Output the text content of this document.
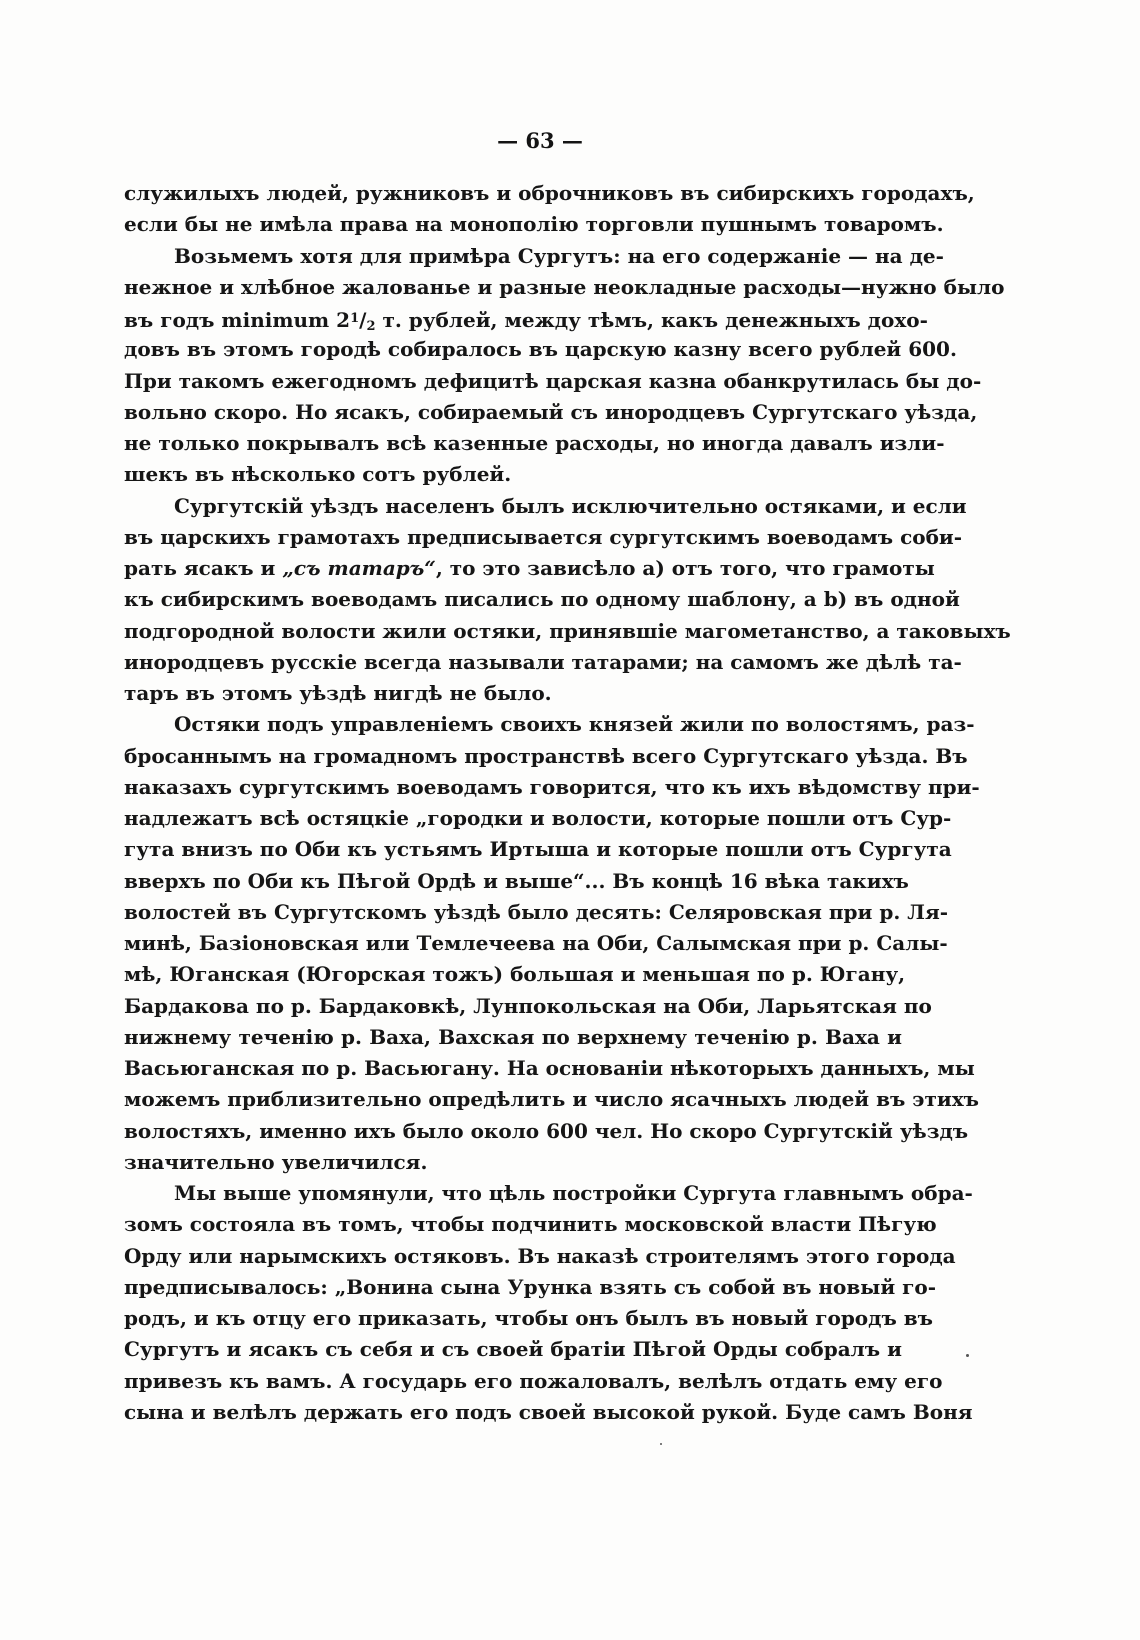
— 63 —
служилыхъ людей, ружниковъ и оброчниковъ въ сибирскихъ городахъ,
если бы не имѣла права на монополію торговли пушнымъ товаромъ.
Возьмемъ хотя для примѣра Сургутъ: на его содержаніе — на де-
нежное и хлѣбное жалованье и разные неокладные расходы—нужно было
въ годъ minimum $2^1/_2$ т. рублей, между тѣмъ, какъ денежныхъ дохо-
довъ въ этомъ городѣ собиралось въ царскую казну всего рублей 600.
При такомъ ежегодномъ дефицитѣ царская казна обанкрутилась бы до-
вольно скоро. Но ясакъ, собираемый съ инородцевъ Сургутскаго уѣзда,
не только покрывалъ всѣ казенные расходы, но иногда давалъ изли-
шекъ въ нѣсколько сотъ рублей.
Сургутскій уѣздъ населенъ былъ исключительно остяками, и если
въ царскихъ грамотахъ предписывается сургутскимъ воеводамъ соби-
рать ясакъ и „съ татаръ“, то это зависѣло а) отъ того, что грамоты
къ сибирскимъ воеводамъ писались по одному шаблону, а b) въ одной
подгородной волости жили остяки, принявшіе магометанство, а таковыхъ
инородцевъ русскіе всегда называли татарами; на самомъ же дѣлѣ та-
таръ въ этомъ уѣздѣ нигдѣ не было.
Остяки подъ управленіемъ своихъ князей жили по волостямъ, раз-
бросаннымъ на громадномъ пространствѣ всего Сургутскаго уѣзда. Въ
наказахъ сургутскимъ воеводамъ говорится, что къ ихъ вѣдомству при-
надлежатъ всѣ остяцкіе „городки и волости, которые пошли отъ Сур-
гута внизъ по Оби къ устьямъ Иртыша и которые пошли отъ Сургута
вверхъ по Оби къ Пѣгой Ордѣ и выше“... Въ концѣ 16 вѣка такихъ
волостей въ Сургутскомъ уѣздѣ было десять: Селяровская при р. Ля-
минѣ, Базіоновская или Темлечеева на Оби, Салымская при р. Салы-
мѣ, Юганская (Югорская тожъ) большая и меньшая по р. Югану,
Бардакова по р. Бардаковкѣ, Лунпокольская на Оби, Ларьятская по
нижнему теченію р. Ваха, Вахская по верхнему теченію р. Ваха и
Васьюганская по р. Васьюгану. На основаніи нѣкоторыхъ данныхъ, мы
можемъ приблизительно опредѣлить и число ясачныхъ людей въ этихъ
волостяхъ, именно ихъ было около 600 чел. Но скоро Сургутскій уѣздъ
значительно увеличился.
Мы выше упомянули, что цѣль постройки Сургута главнымъ обра-
зомъ состояла въ томъ, чтобы подчинить московской власти Пѣгую
Орду или нарымскихъ остяковъ. Въ наказѣ строителямъ этого города
предписывалось: „Вонина сына Урунка взять съ собой въ новый го-
родъ, и къ отцу его приказать, чтобы онъ былъ въ новый городъ въ
Сургутъ и ясакъ съ себя и съ своей братіи Пѣгой Орды собралъ и
привезъ къ вамъ. А государь его пожаловалъ, велѣлъ отдать ему его
сына и велѣлъ держать его подъ своей высокой рукой. Буде самъ Воня
